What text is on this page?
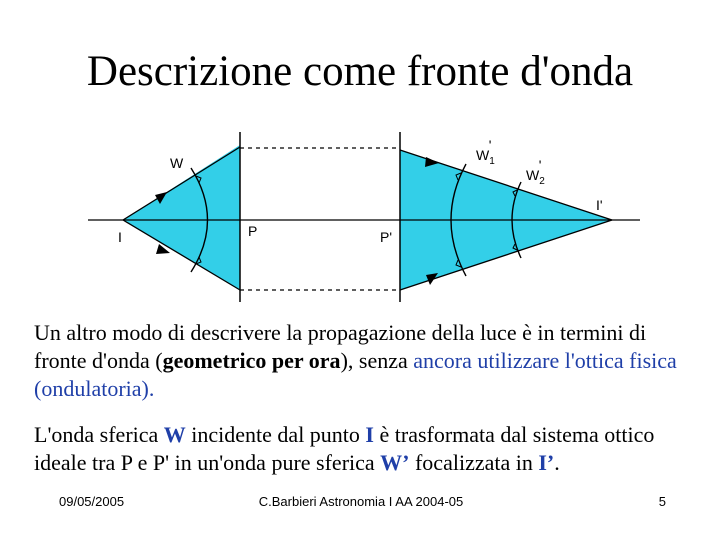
Descrizione come fronte d'onda
W
I	P	P'
$W_1'$
$W_2'$
I'
Un altro modo di descrivere la propagazione della luce è in termini di fronte d'onda (geometrico per ora), senza ancora utilizzare l'ottica fisica (ondulatoria).
L'onda sferica W incidente dal punto I è trasformata dal sistema ottico ideale tra P e P' in un'onda pure sferica W’ focalizzata in I’.
09/05/2005	C.Barbieri Astronomia I AA 2004-05	5
